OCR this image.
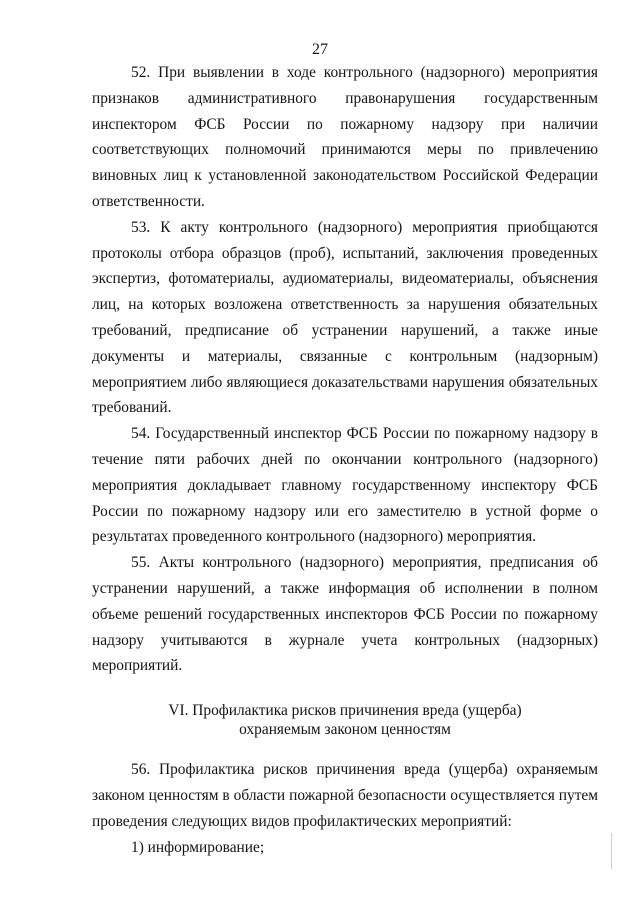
27

52. При выявлении в ходе контрольного (надзорного) мероприятия признаков административного правонарушения государственным инспектором ФСБ России по пожарному надзору при наличии соответствующих полномочий принимаются меры по привлечению виновных лиц к установленной законодательством Российской Федерации ответственности.

53. К акту контрольного (надзорного) мероприятия приобщаются протоколы отбора образцов (проб), испытаний, заключения проведенных экспертиз, фотоматериалы, аудиоматериалы, видеоматериалы, объяснения лиц, на которых возложена ответственность за нарушения обязательных требований, предписание об устранении нарушений, а также иные документы и материалы, связанные с контрольным (надзорным) мероприятием либо являющиеся доказательствами нарушения обязательных требований.

54. Государственный инспектор ФСБ России по пожарному надзору в течение пяти рабочих дней по окончании контрольного (надзорного) мероприятия докладывает главному государственному инспектору ФСБ России по пожарному надзору или его заместителю в устной форме о результатах проведенного контрольного (надзорного) мероприятия.

55. Акты контрольного (надзорного) мероприятия, предписания об устранении нарушений, а также информация об исполнении в полном объеме решений государственных инспекторов ФСБ России по пожарному надзору учитываются в журнале учета контрольных (надзорных) мероприятий.

VI. Профилактика рисков причинения вреда (ущерба)
охраняемым законом ценностям

56. Профилактика рисков причинения вреда (ущерба) охраняемым законом ценностям в области пожарной безопасности осуществляется путем проведения следующих видов профилактических мероприятий:

1) информирование;
